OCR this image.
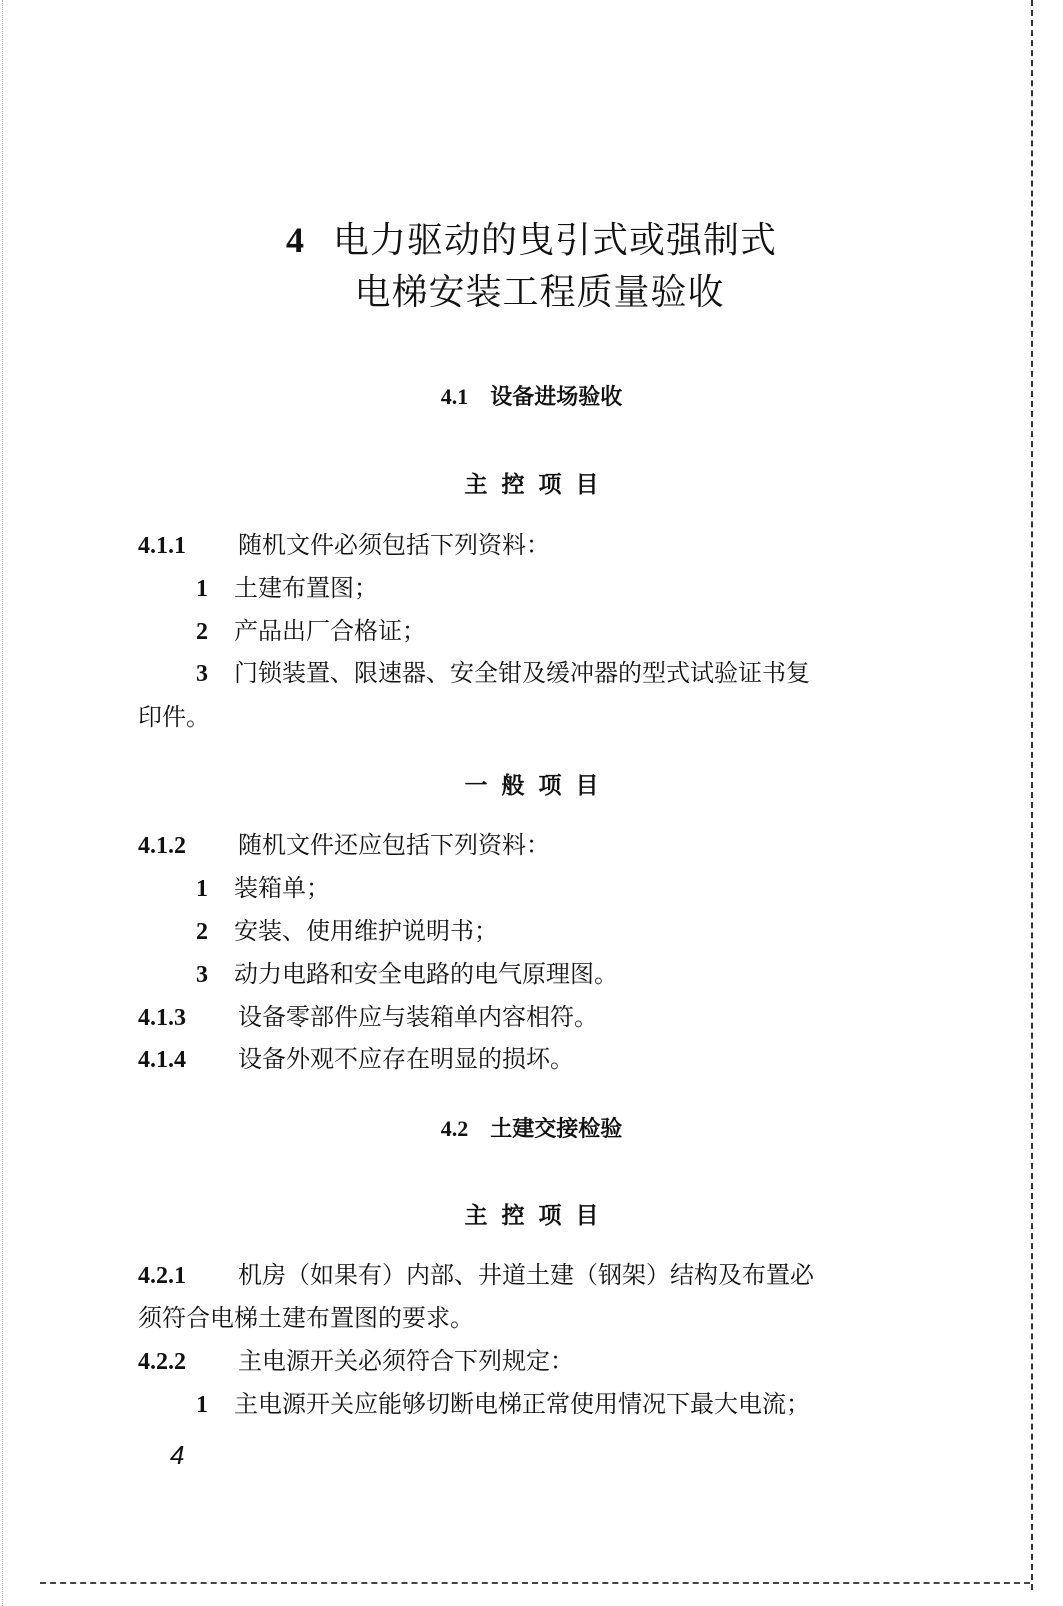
4 电力驱动的曳引式或强制式
电梯安装工程质量验收
4.1 设备进场验收
主控项目
4.1.1 随机文件必须包括下列资料：
1 土建布置图；
2 产品出厂合格证；
3 门锁装置、限速器、安全钳及缓冲器的型式试验证书复
印件。
一般项目
4.1.2 随机文件还应包括下列资料：
1 装箱单；
2 安装、使用维护说明书；
3 动力电路和安全电路的电气原理图。
4.1.3 设备零部件应与装箱单内容相符。
4.1.4 设备外观不应存在明显的损坏。
4.2 土建交接检验
主控项目
4.2.1 机房（如果有）内部、井道土建（钢架）结构及布置必
须符合电梯土建布置图的要求。
4.2.2 主电源开关必须符合下列规定：
1 主电源开关应能够切断电梯正常使用情况下最大电流；
4
